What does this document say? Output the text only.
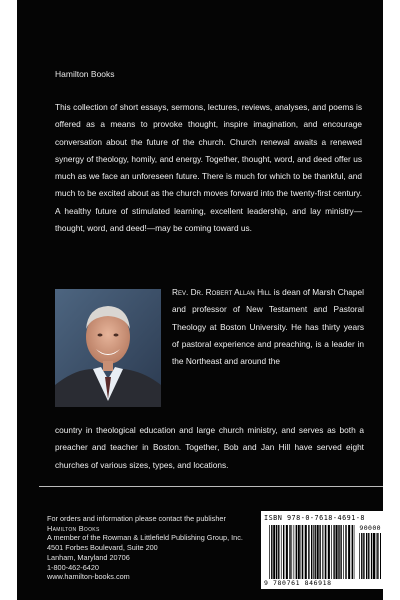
Hamilton Books

This collection of short essays, sermons, lectures, reviews, analyses, and poems is offered as a means to provoke thought, inspire imagination, and encourage conversation about the future of the church. Church renewal awaits a renewed synergy of theology, homily, and energy. Together, thought, word, and deed offer us much as we face an unforeseen future. There is much for which to be thankful, and much to be excited about as the church moves forward into the twenty-first century. A healthy future of stimulated learning, excellent leadership, and lay ministry—thought, word, and deed!—may be coming toward us.

Rev. Dr. Robert Allan Hill is dean of Marsh Chapel and professor of New Testament and Pastoral Theology at Boston University. He has thirty years of pastoral experience and preaching, is a leader in the Northeast and around the

country in theological education and large church ministry, and serves as both a preacher and teacher in Boston. Together, Bob and Jan Hill have served eight churches of various sizes, types, and locations.

For orders and information please contact the publisher
Hamilton Books
A member of the Rowman & Littlefield Publishing Group, Inc.
4501 Forbes Boulevard, Suite 200
Lanham, Maryland 20706
1-800-462-6420
www.hamilton-books.com
ISBN 978-0-7618-4691-8
90000
9 780761 846918
